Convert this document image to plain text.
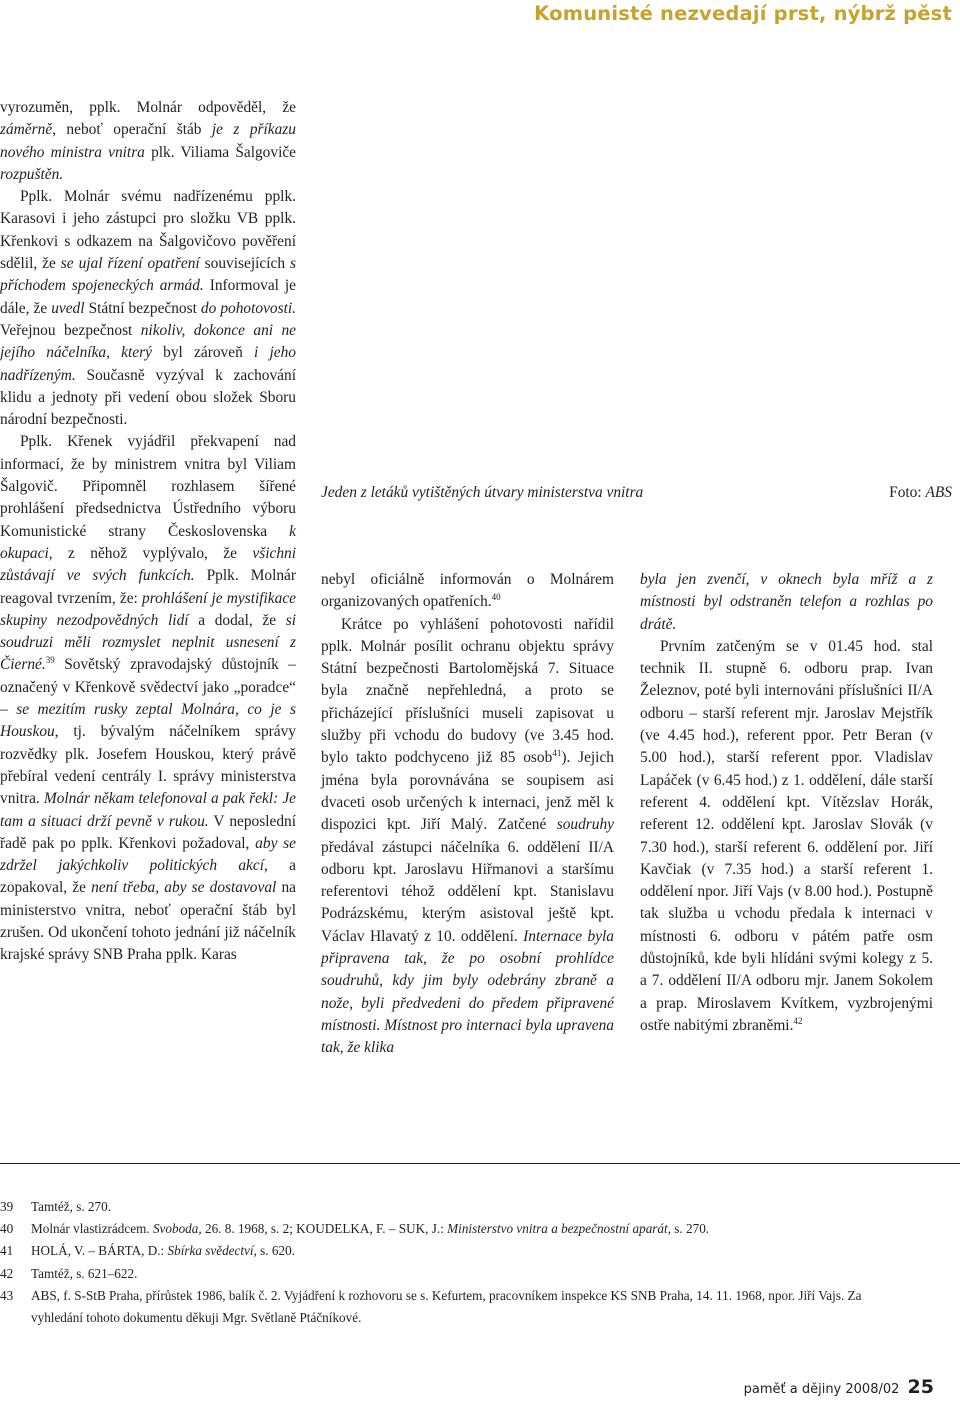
Komunisté nezvedají prst, nýbrž pěst

vyrozuměn, pplk. Molnár odpověděl, že záměrně, neboť operační štáb je z příkazu nového ministra vnitra plk. Viliama Šalgoviče rozpuštěn.

Pplk. Molnár svému nadřízenému pplk. Karasovi i jeho zástupci pro složku VB pplk. Křenkovi s odkazem na Šalgovičovo pověření sdělil, že se ujal řízení opatření souvisejících s příchodem spojeneckých armád. Informoval je dále, že uvedl Státní bezpečnost do pohotovosti. Veřejnou bezpečnost nikoliv, dokonce ani ne jejího náčelníka, který byl zároveň i jeho nadřízeným. Současně vyzýval k zachování klidu a jednoty při vedení obou složek Sboru národní bezpečnosti.

Pplk. Křenek vyjádřil překvapení nad informací, že by ministrem vnitra byl Viliam Šalgovič. Připomněl rozhlasem šířené prohlášení předsednictva Ústředního výboru Komunistické strany Československa k okupaci, z něhož vyplývalo, že všichni zůstávají ve svých funkcích. Pplk. Molnár reagoval tvrzením, že: prohlášení je mystifikace skupiny nezodpovědných lidí a dodal, že si soudruzi měli rozmyslet neplnit usnesení z Čierné.$^{39}$ Sovětský zpravodajský důstojník – označený v Křenkově svědectví jako „poradce“ – se mezitím rusky zeptal Molnára, co je s Houskou, tj. bývalým náčelníkem správy rozvědky plk. Josefem Houskou, který právě přebíral vedení centrály I. správy ministerstva vnitra. Molnár někam telefonoval a pak řekl: Je tam a situaci drží pevně v rukou. V neposlední řadě pak po pplk. Křenkovi požadoval, aby se zdržel jakýchkoliv politických akcí, a zopakoval, že není třeba, aby se dostavoval na ministerstvo vnitra, neboť operační štáb byl zrušen. Od ukončení tohoto jednání již náčelník krajské správy SNB Praha pplk. Karas

Jeden z letáků vytištěných útvary ministerstva vnitra	Foto: ABS

nebyl oficiálně informován o Molnárem organizovaných opatřeních.$^{40}$

Krátce po vyhlášení pohotovosti nařídil pplk. Molnár posílit ochranu objektu správy Státní bezpečnosti Bartolomějská 7. Situace byla značně nepřehledná, a proto se přicházející příslušníci museli zapisovat u služby při vchodu do budovy (ve 3.45 hod. bylo takto podchyceno již 85 osob$^{41}$). Jejich jména byla porovnávána se soupisem asi dvaceti osob určených k internaci, jenž měl k dispozici kpt. Jiří Malý. Zatčené soudruhy předával zástupci náčelníka 6. oddělení II/A odboru kpt. Jaroslavu Hiřmanovi a staršímu referentovi téhož oddělení kpt. Stanislavu Podrázskému, kterým asistoval ještě kpt. Václav Hlavatý z 10. oddělení. Internace byla připravena tak, že po osobní prohlídce soudruhů, kdy jim byly odebrány zbraně a nože, byli předvedeni do předem připravené místnosti. Místnost pro internaci byla upravena tak, že klika

byla jen zvenčí, v oknech byla mříž a z místnosti byl odstraněn telefon a rozhlas po drátě.

Prvním zatčeným se v 01.45 hod. stal technik II. stupně 6. odboru prap. Ivan Železnov, poté byli internováni příslušníci II/A odboru – starší referent mjr. Jaroslav Mejstřík (ve 4.45 hod.), referent ppor. Petr Beran (v 5.00 hod.), starší referent ppor. Vladislav Lapáček (v 6.45 hod.) z 1. oddělení, dále starší referent 4. oddělení kpt. Vítězslav Horák, referent 12. oddělení kpt. Jaroslav Slovák (v 7.30 hod.), starší referent 6. oddělení por. Jiří Kavčiak (v 7.35 hod.) a starší referent 1. oddělení npor. Jiří Vajs (v 8.00 hod.). Postupně tak služba u vchodu předala k internaci v místnosti 6. odboru v pátém patře osm důstojníků, kde byli hlídáni svými kolegy z 5. a 7. oddělení II/A odboru mjr. Janem Sokolem a prap. Miroslavem Kvítkem, vyzbrojenými ostře nabitými zbraněmi.$^{42}$

39 Tamtéž, s. 270.
40 Molnár vlastizrádcem. Svoboda, 26. 8. 1968, s. 2; KOUDELKA, F. – SUK, J.: Ministerstvo vnitra a bezpečnostní aparát, s. 270.
41 HOLÁ, V. – BÁRTA, D.: Sbírka svědectví, s. 620.
42 Tamtéž, s. 621–622.
43 ABS, f. S-StB Praha, přírůstek 1986, balík č. 2. Vyjádření k rozhovoru se s. Kefurtem, pracovníkem inspekce KS SNB Praha, 14. 11. 1968, npor. Jiří Vajs. Za vyhledání tohoto dokumentu děkuji Mgr. Světlaně Ptáčníkové.
paměť a dějiny 2008/02 25
